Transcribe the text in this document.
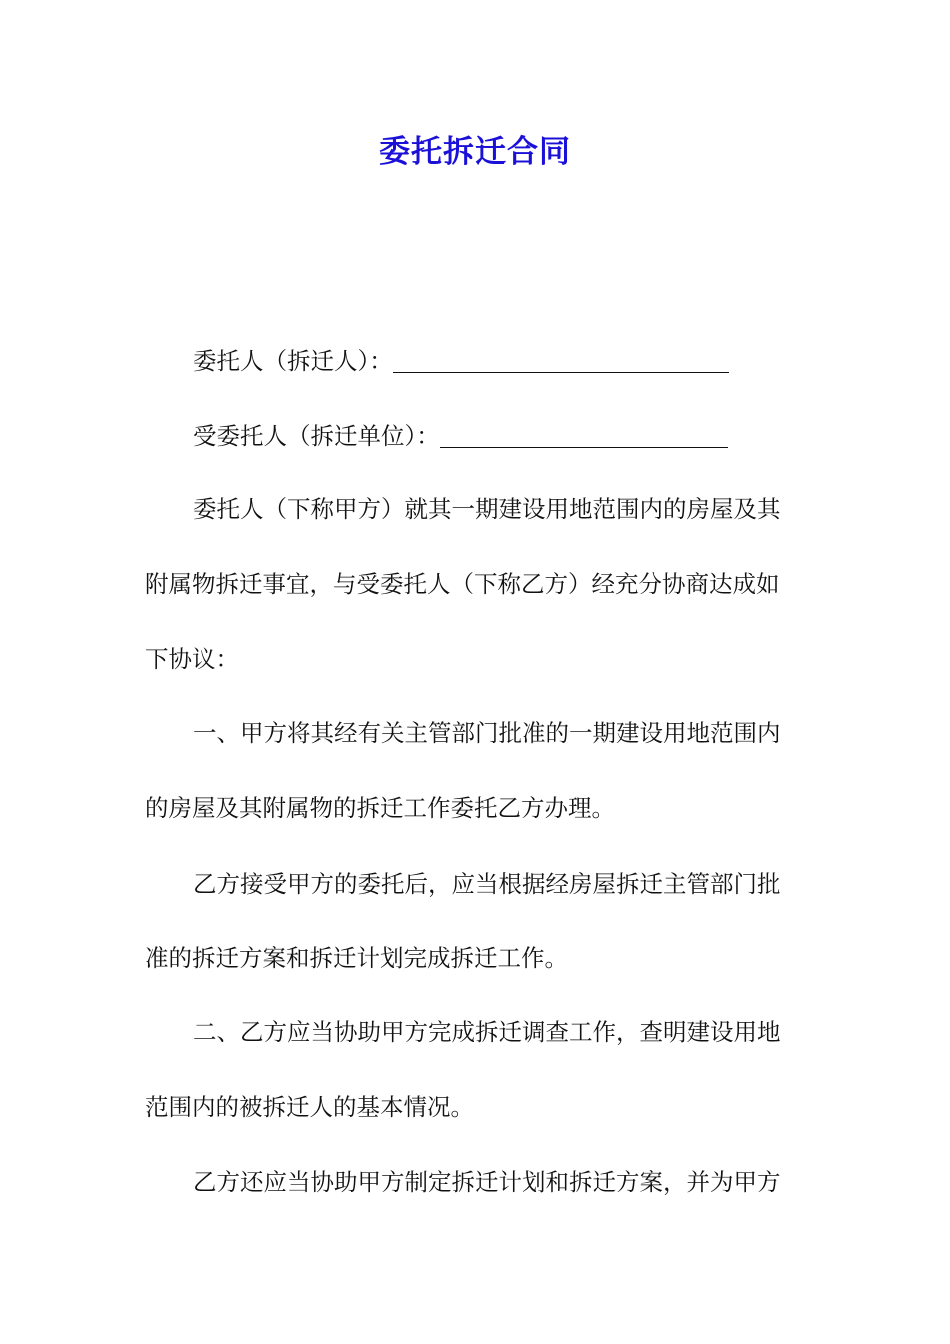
委托拆迁合同
委托人（拆迁人）：
受委托人（拆迁单位）：
委托人（下称甲方）就其一期建设用地范围内的房屋及其
附属物拆迁事宜，与受委托人（下称乙方）经充分协商达成如
下协议：
一、甲方将其经有关主管部门批准的一期建设用地范围内
的房屋及其附属物的拆迁工作委托乙方办理。
乙方接受甲方的委托后，应当根据经房屋拆迁主管部门批
准的拆迁方案和拆迁计划完成拆迁工作。
二、乙方应当协助甲方完成拆迁调查工作，查明建设用地
范围内的被拆迁人的基本情况。
乙方还应当协助甲方制定拆迁计划和拆迁方案，并为甲方
